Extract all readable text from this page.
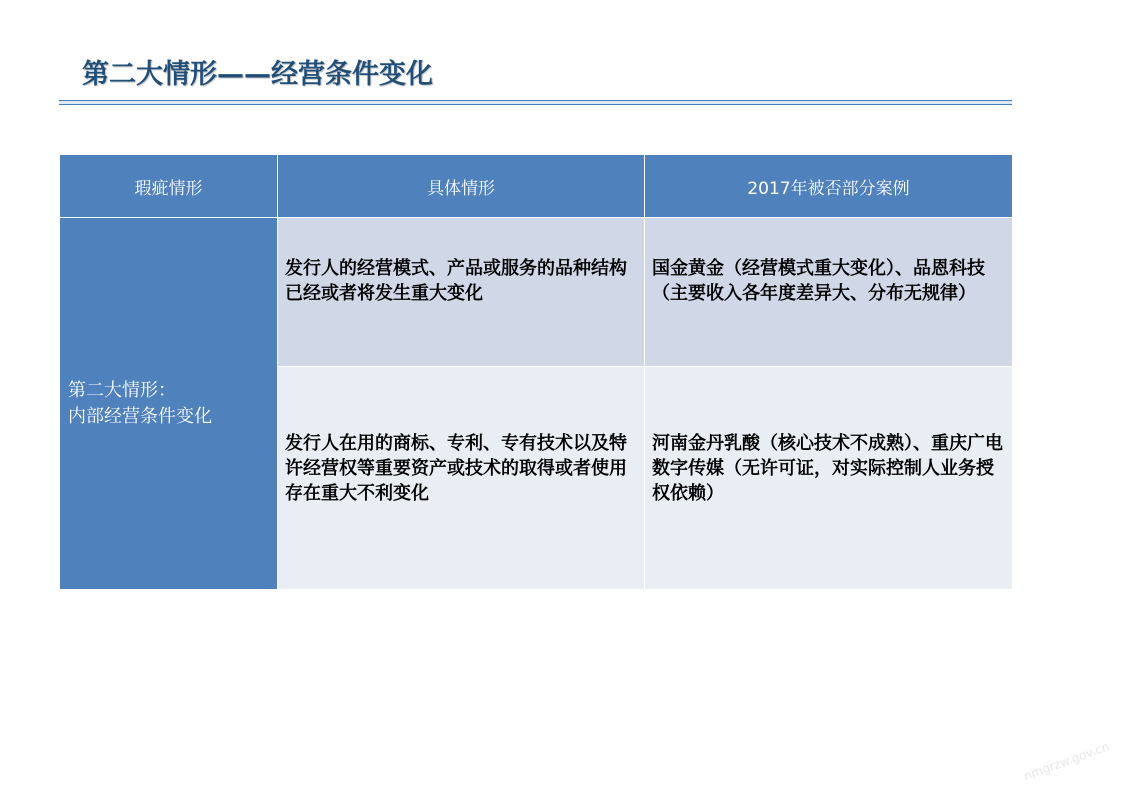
第二大情形——经营条件变化
瑕疵情形	具体情形	2017年被否部分案例

第二大情形：
内部经营条件变化	发行人的经营模式、产品或服务的品种结构已经或者将发生重大变化	国金黄金（经营模式重大变化）、品恩科技（主要收入各年度差异大、分布无规律）

	发行人在用的商标、专利、专有技术以及特许经营权等重要资产或技术的取得或者使用存在重大不利变化	河南金丹乳酸（核心技术不成熟）、重庆广电数字传媒（无许可证，对实际控制人业务授权依赖）
nmgrzw.gov.cn
